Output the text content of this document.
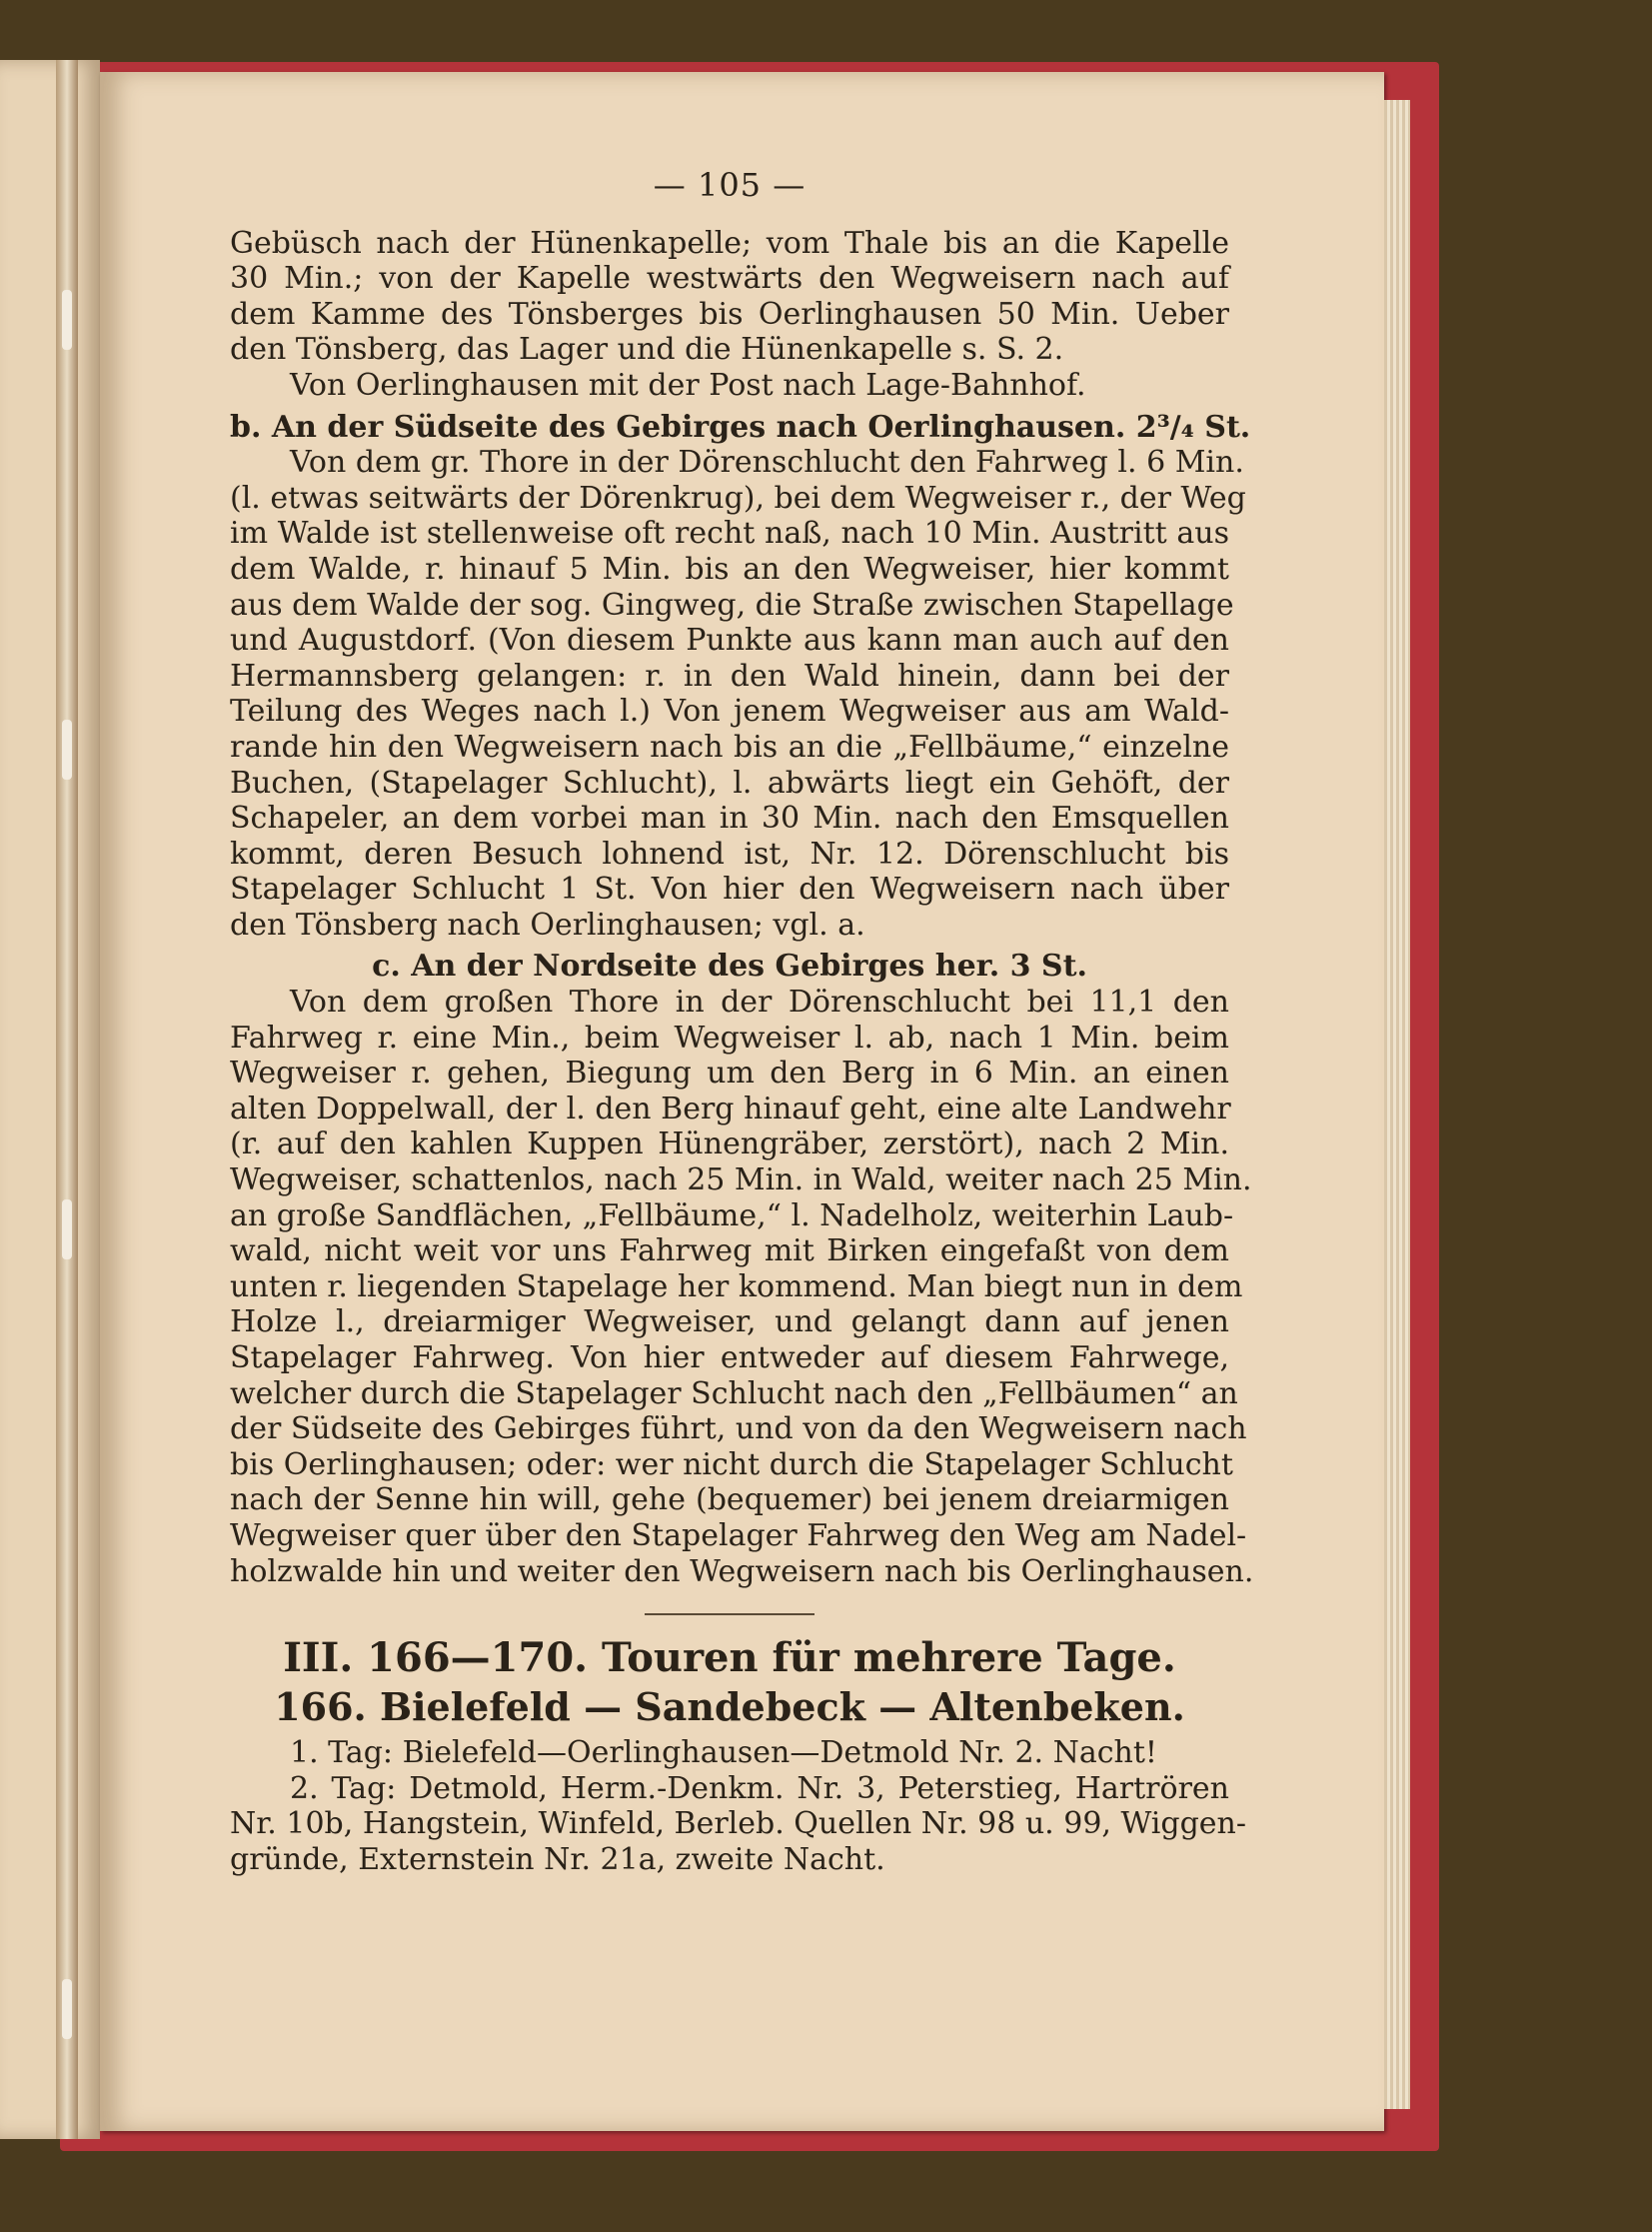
— 105 —
Gebüsch nach der Hünenkapelle; vom Thale bis an die Kapelle
30 Min.; von der Kapelle westwärts den Wegweisern nach auf
dem Kamme des Tönsberges bis Oerlinghausen 50 Min. Ueber
den Tönsberg, das Lager und die Hünenkapelle s. S. 2.
Von Oerlinghausen mit der Post nach Lage-Bahnhof.
b. An der Südseite des Gebirges nach Oerlinghausen. 2³/₄ St.
Von dem gr. Thore in der Dörenschlucht den Fahrweg l. 6 Min.
(l. etwas seitwärts der Dörenkrug), bei dem Wegweiser r., der Weg
im Walde ist stellenweise oft recht naß, nach 10 Min. Austritt aus
dem Walde, r. hinauf 5 Min. bis an den Wegweiser, hier kommt
aus dem Walde der sog. Gingweg, die Straße zwischen Stapellage
und Augustdorf. (Von diesem Punkte aus kann man auch auf den
Hermannsberg gelangen: r. in den Wald hinein, dann bei der
Teilung des Weges nach l.) Von jenem Wegweiser aus am Wald-
rande hin den Wegweisern nach bis an die „Fellbäume,“ einzelne
Buchen, (Stapelager Schlucht), l. abwärts liegt ein Gehöft, der
Schapeler, an dem vorbei man in 30 Min. nach den Emsquellen
kommt, deren Besuch lohnend ist, Nr. 12. Dörenschlucht bis
Stapelager Schlucht 1 St. Von hier den Wegweisern nach über
den Tönsberg nach Oerlinghausen; vgl. a.
c. An der Nordseite des Gebirges her. 3 St.
Von dem großen Thore in der Dörenschlucht bei 11,1 den
Fahrweg r. eine Min., beim Wegweiser l. ab, nach 1 Min. beim
Wegweiser r. gehen, Biegung um den Berg in 6 Min. an einen
alten Doppelwall, der l. den Berg hinauf geht, eine alte Landwehr
(r. auf den kahlen Kuppen Hünengräber, zerstört), nach 2 Min.
Wegweiser, schattenlos, nach 25 Min. in Wald, weiter nach 25 Min.
an große Sandflächen, „Fellbäume,“ l. Nadelholz, weiterhin Laub-
wald, nicht weit vor uns Fahrweg mit Birken eingefaßt von dem
unten r. liegenden Stapelage her kommend. Man biegt nun in dem
Holze l., dreiarmiger Wegweiser, und gelangt dann auf jenen
Stapelager Fahrweg. Von hier entweder auf diesem Fahrwege,
welcher durch die Stapelager Schlucht nach den „Fellbäumen“ an
der Südseite des Gebirges führt, und von da den Wegweisern nach
bis Oerlinghausen; oder: wer nicht durch die Stapelager Schlucht
nach der Senne hin will, gehe (bequemer) bei jenem dreiarmigen
Wegweiser quer über den Stapelager Fahrweg den Weg am Nadel-
holzwalde hin und weiter den Wegweisern nach bis Oerlinghausen.
III. 166—170. Touren für mehrere Tage.
166. Bielefeld — Sandebeck — Altenbeken.
1. Tag: Bielefeld—Oerlinghausen—Detmold Nr. 2. Nacht!
2. Tag: Detmold, Herm.-Denkm. Nr. 3, Peterstieg, Hartrören
Nr. 10b, Hangstein, Winfeld, Berleb. Quellen Nr. 98 u. 99, Wiggen-
gründe, Externstein Nr. 21a, zweite Nacht.
